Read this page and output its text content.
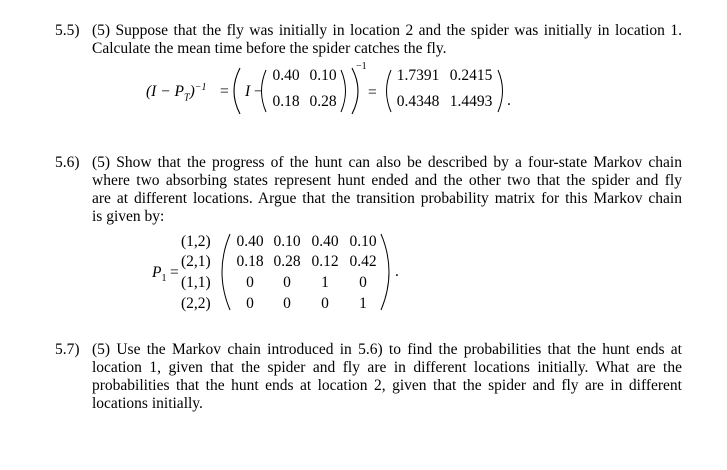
5.5) (5) Suppose that the fly was initially in location 2 and the spider was initially in location 1.
Calculate the mean time before the spider catches the fly.
$(I - P_T)^{-1} = I$ −
−1
=
0.40 0.10
0.18 0.28
1.7391 0.2415
0.4348 1.4493 .
5.6) (5) Show that the progress of the hunt can also be described by a four-state Markov chain
where two absorbing states represent hunt ended and the other two that the spider and fly
are at different locations. Argue that the transition probability matrix for this Markov chain
is given by:
$P_1$ =
(1,2)
(2,1)
(1,1)
(2,2)
0.40 0.10 0.40 0.10
0.18 0.28 0.12 0.42
0	0	1	0
0	0	0	1
.
5.7) (5) Use the Markov chain introduced in 5.6) to find the probabilities that the hunt ends at
location 1, given that the spider and fly are in different locations initially. What are the
probabilities that the hunt ends at location 2, given that the spider and fly are in different
locations initially.
